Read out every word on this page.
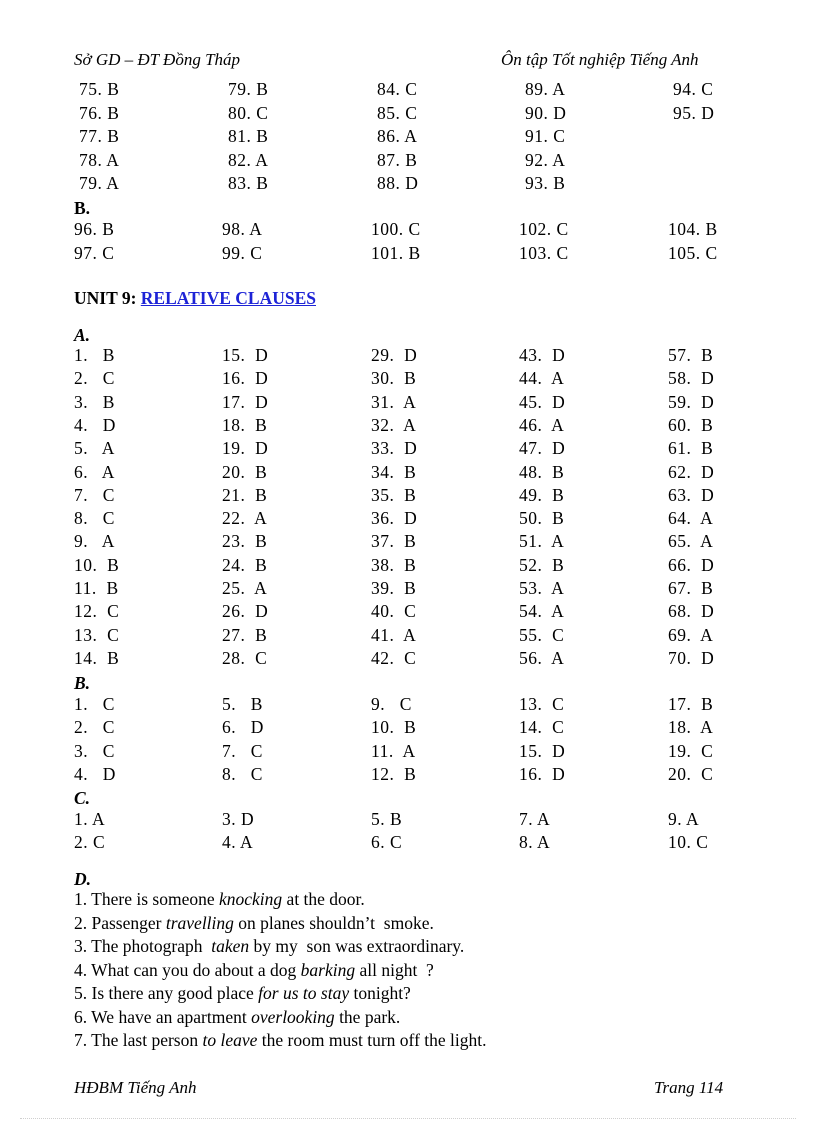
Sở GD – ĐT Đồng Tháp	Ôn tập Tốt nghiệp Tiếng Anh
75. B	79. B	84. C	89. A	94. C
76. B	80. C	85. C	90. D	95. D
77. B	81. B	86. A	91. C
78. A	82. A	87. B	92. A
79. A	83. B	88. D	93. B
B.
96. B	98. A	100. C	102. C	104. B
97. C	99. C	101. B	103. C	105. C
UNIT 9: RELATIVE CLAUSES
A.
1.   B	15.  D	29.  D	43.  D	57.  B
2.   C	16.  D	30.  B	44.  A	58.  D
3.   B	17.  D	31.  A	45.  D	59.  D
4.   D	18.  B	32.  A	46.  A	60.  B
5.   A	19.  D	33.  D	47.  D	61.  B
6.   A	20.  B	34.  B	48.  B	62.  D
7.   C	21.  B	35.  B	49.  B	63.  D
8.   C	22.  A	36.  D	50.  B	64.  A
9.   A	23.  B	37.  B	51.  A	65.  A
10.  B	24.  B	38.  B	52.  B	66.  D
11.  B	25.  A	39.  B	53.  A	67.  B
12.  C	26.  D	40.  C	54.  A	68.  D
13.  C	27.  B	41.  A	55.  C	69.  A
14.  B	28.  C	42.  C	56.  A	70.  D
B.
1.   C	5.   B	9.   C	13.  C	17.  B
2.   C	6.   D	10.  B	14.  C	18.  A
3.   C	7.   C	11.  A	15.  D	19.  C
4.   D	8.   C	12.  B	16.  D	20.  C
C.
1. A	3. D	5. B	7. A	9. A
2. C	4. A	6. C	8. A	10. C
D.
1. There is someone knocking at the door.
2. Passenger travelling on planes shouldn’t  smoke.
3. The photograph  taken by my  son was extraordinary.
4. What can you do about a dog barking all night  ?
5. Is there any good place for us to stay tonight?
6. We have an apartment overlooking the park.
7. The last person to leave the room must turn off the light.
HĐBM Tiếng Anh	Trang 114
